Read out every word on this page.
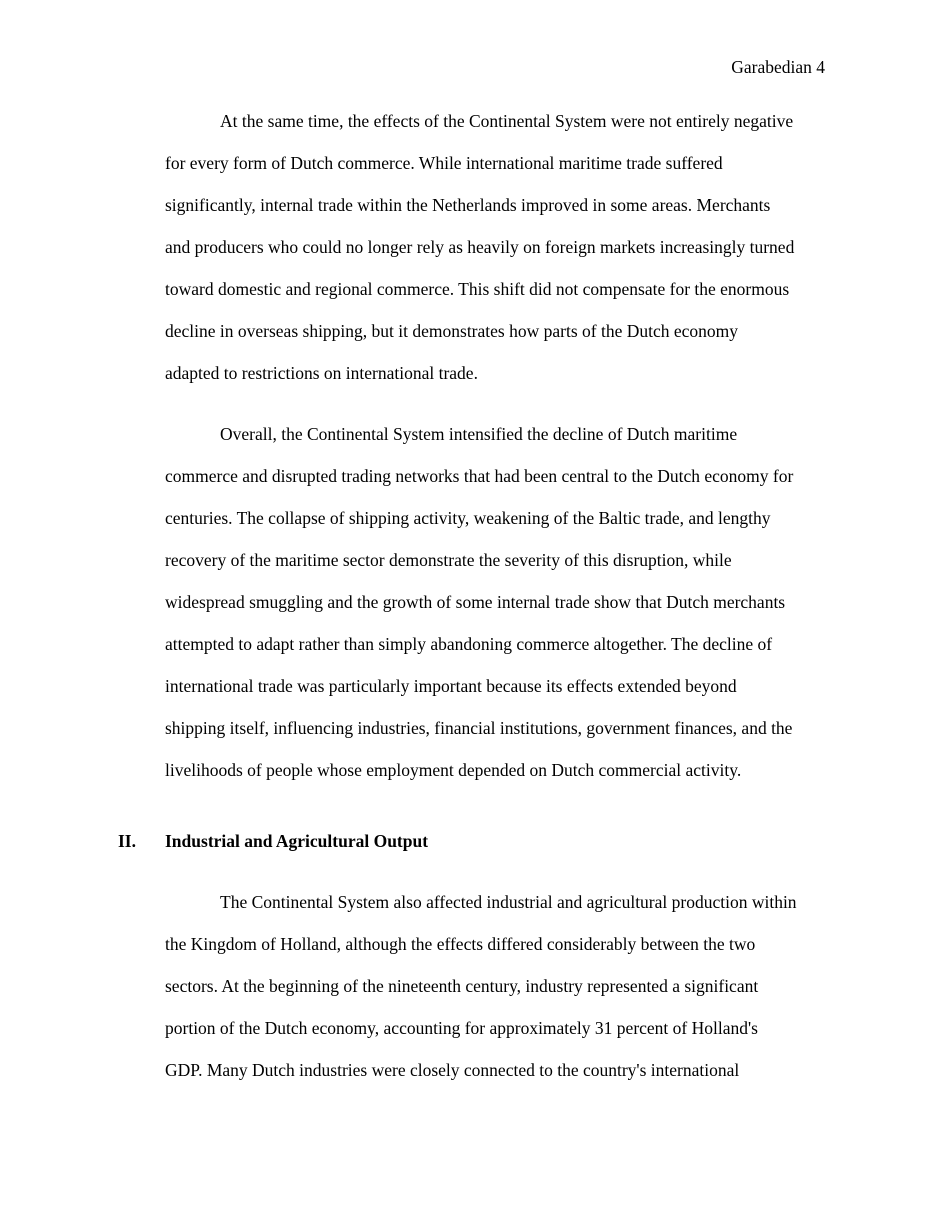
Garabedian 4
At the same time, the effects of the Continental System were not entirely negative
for every form of Dutch commerce. While international maritime trade suffered
significantly, internal trade within the Netherlands improved in some areas. Merchants
and producers who could no longer rely as heavily on foreign markets increasingly turned
toward domestic and regional commerce. This shift did not compensate for the enormous
decline in overseas shipping, but it demonstrates how parts of the Dutch economy
adapted to restrictions on international trade.
Overall, the Continental System intensified the decline of Dutch maritime
commerce and disrupted trading networks that had been central to the Dutch economy for
centuries. The collapse of shipping activity, weakening of the Baltic trade, and lengthy
recovery of the maritime sector demonstrate the severity of this disruption, while
widespread smuggling and the growth of some internal trade show that Dutch merchants
attempted to adapt rather than simply abandoning commerce altogether. The decline of
international trade was particularly important because its effects extended beyond
shipping itself, influencing industries, financial institutions, government finances, and the
livelihoods of people whose employment depended on Dutch commercial activity.
II. Industrial and Agricultural Output
The Continental System also affected industrial and agricultural production within
the Kingdom of Holland, although the effects differed considerably between the two
sectors. At the beginning of the nineteenth century, industry represented a significant
portion of the Dutch economy, accounting for approximately 31 percent of Holland's
GDP. Many Dutch industries were closely connected to the country's international
